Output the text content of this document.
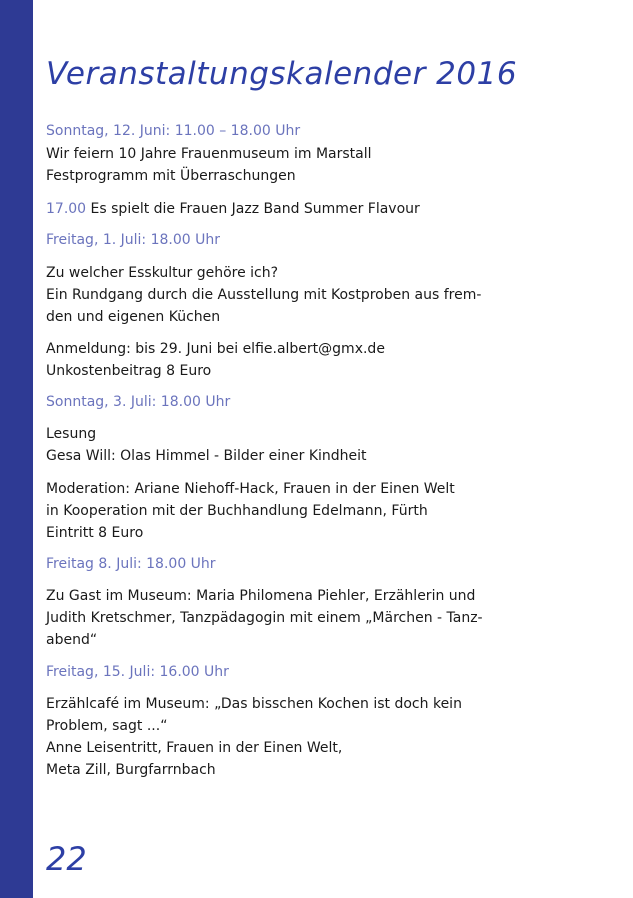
Veranstaltungskalender 2016
Sonntag, 12. Juni: 11.00 – 18.00 Uhr
Wir feiern 10 Jahre Frauenmuseum im Marstall
Festprogramm mit Überraschungen
17.00 Es spielt die Frauen Jazz Band Summer Flavour
Freitag, 1. Juli: 18.00 Uhr
Zu welcher Esskultur gehöre ich?
Ein Rundgang durch die Ausstellung mit Kostproben aus frem-
den und eigenen Küchen
Anmeldung: bis 29. Juni bei elfie.albert@gmx.de
Unkostenbeitrag 8 Euro
Sonntag, 3. Juli: 18.00 Uhr
Lesung
Gesa Will: Olas Himmel - Bilder einer Kindheit
Moderation: Ariane Niehoff-Hack, Frauen in der Einen Welt
in Kooperation mit der Buchhandlung Edelmann, Fürth
Eintritt 8 Euro
Freitag 8. Juli: 18.00 Uhr
Zu Gast im Museum: Maria Philomena Piehler, Erzählerin und
Judith Kretschmer, Tanzpädagogin mit einem „Märchen - Tanz-
abend“
Freitag, 15. Juli: 16.00 Uhr
Erzählcafé im Museum: „Das bisschen Kochen ist doch kein
Problem, sagt ...“
Anne Leisentritt, Frauen in der Einen Welt,
Meta Zill, Burgfarrnbach
22
